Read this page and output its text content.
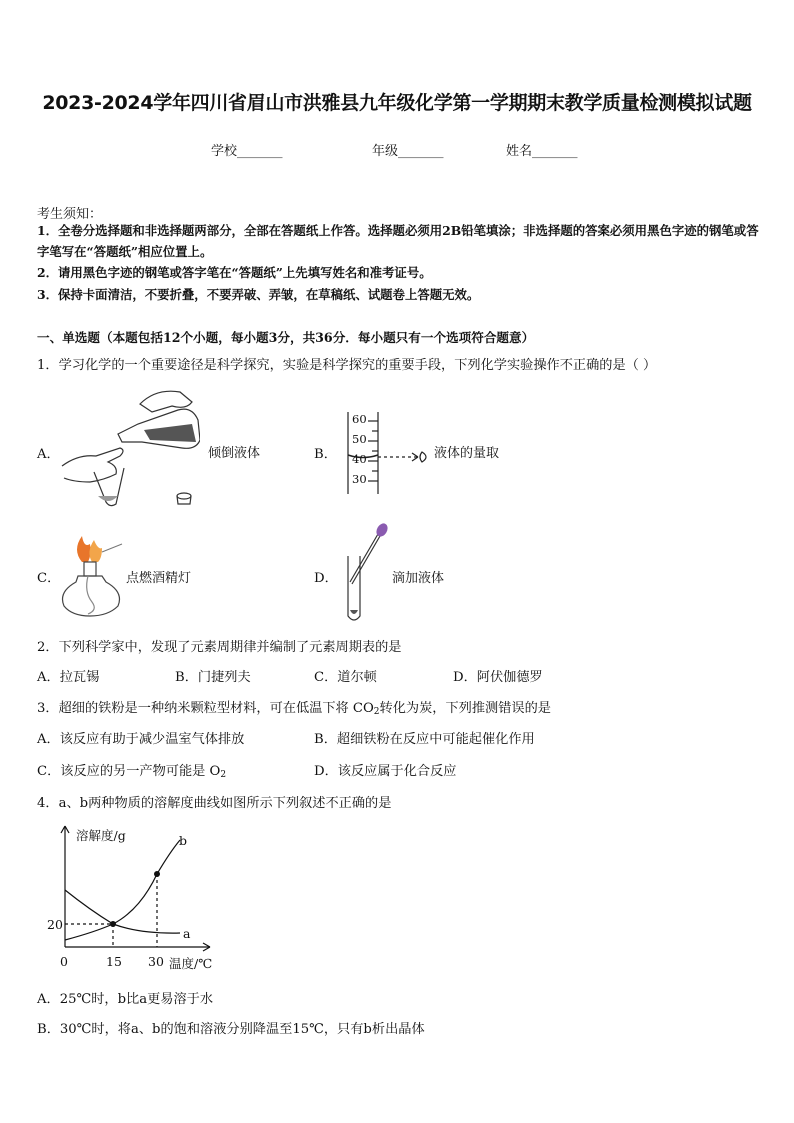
2023-2024学年四川省眉山市洪雅县九年级化学第一学期期末教学质量检测模拟试题
学校_______	年级_______	姓名_______
考生须知：
1．全卷分选择题和非选择题两部分，全部在答题纸上作答。选择题必须用2B铅笔填涂；非选择题的答案必须用黑色字迹的钢笔或答字笔写在“答题纸”相应位置上。
2．请用黑色字迹的钢笔或答字笔在“答题纸”上先填写姓名和准考证号。
3．保持卡面清洁，不要折叠，不要弄破、弄皱，在草稿纸、试题卷上答题无效。
一、单选题（本题包括12个小题，每小题3分，共36分．每小题只有一个选项符合题意）
1．学习化学的一个重要途径是科学探究，实验是科学探究的重要手段，下列化学实验操作不正确的是（ ）
A．	倾倒液体	B．
60
50
40
30
液体的量取
C．	点燃酒精灯	D．	滴加液体
2．下列科学家中，发现了元素周期律并编制了元素周期表的是
A．拉瓦锡	B．门捷列夫	C．道尔顿	D．阿伏伽德罗
3．超细的铁粉是一种纳米颗粒型材料，可在低温下将 $CO_2$转化为炭，下列推测错误的是
A．该反应有助于减少温室气体排放	B．超细铁粉在反应中可能起催化作用
C．该反应的另一产物可能是 $O_2$	D．该反应属于化合反应
4．a、b两种物质的溶解度曲线如图所示下列叙述不正确的是
溶解度/g	b
a
20
0	15 30 温度/℃
A．25℃时，b比a更易溶于水
B．30℃时，将a、b的饱和溶液分别降温至15℃，只有b析出晶体
